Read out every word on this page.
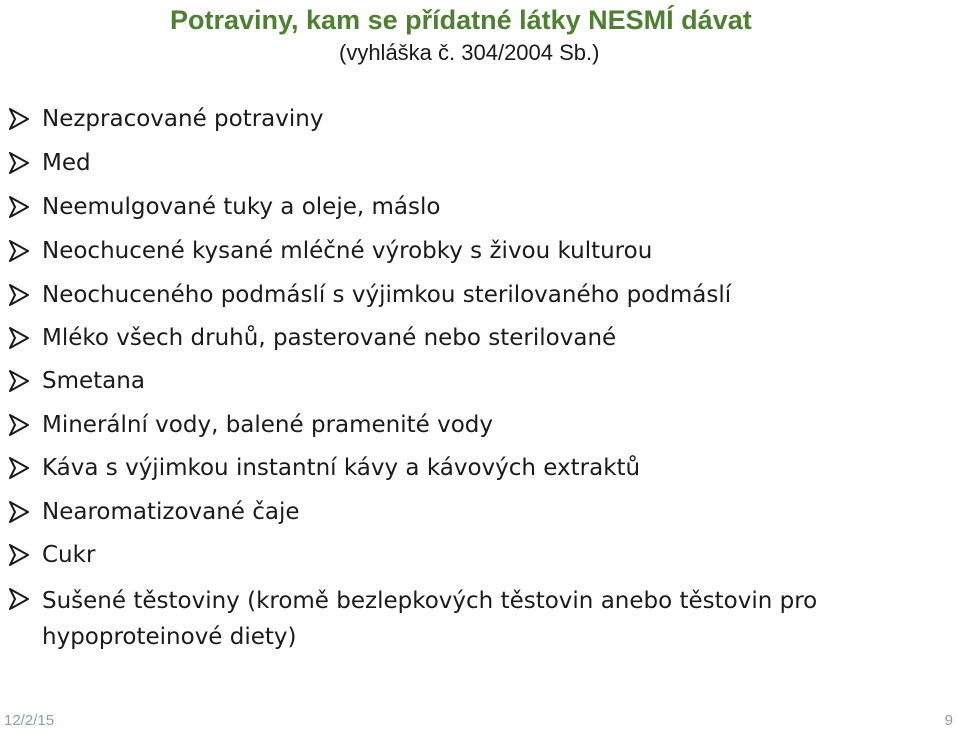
Potraviny, kam se přídatné látky NESMÍ dávat
(vyhláška č. 304/2004 Sb.)
Nezpracované potraviny
Med
Neemulgované tuky a oleje, máslo
Neochucené kysané mléčné výrobky s živou kulturou
Neochuceného podmáslí s výjimkou sterilovaného podmáslí
Mléko všech druhů, pasterované nebo sterilované
Smetana
Minerální vody, balené pramenité vody
Káva s výjimkou instantní kávy a kávových extraktů
Nearomatizované čaje
Cukr
Sušené těstoviny (kromě bezlepkových těstovin anebo těstovin pro hypoproteinové diety)
12/2/15	9
